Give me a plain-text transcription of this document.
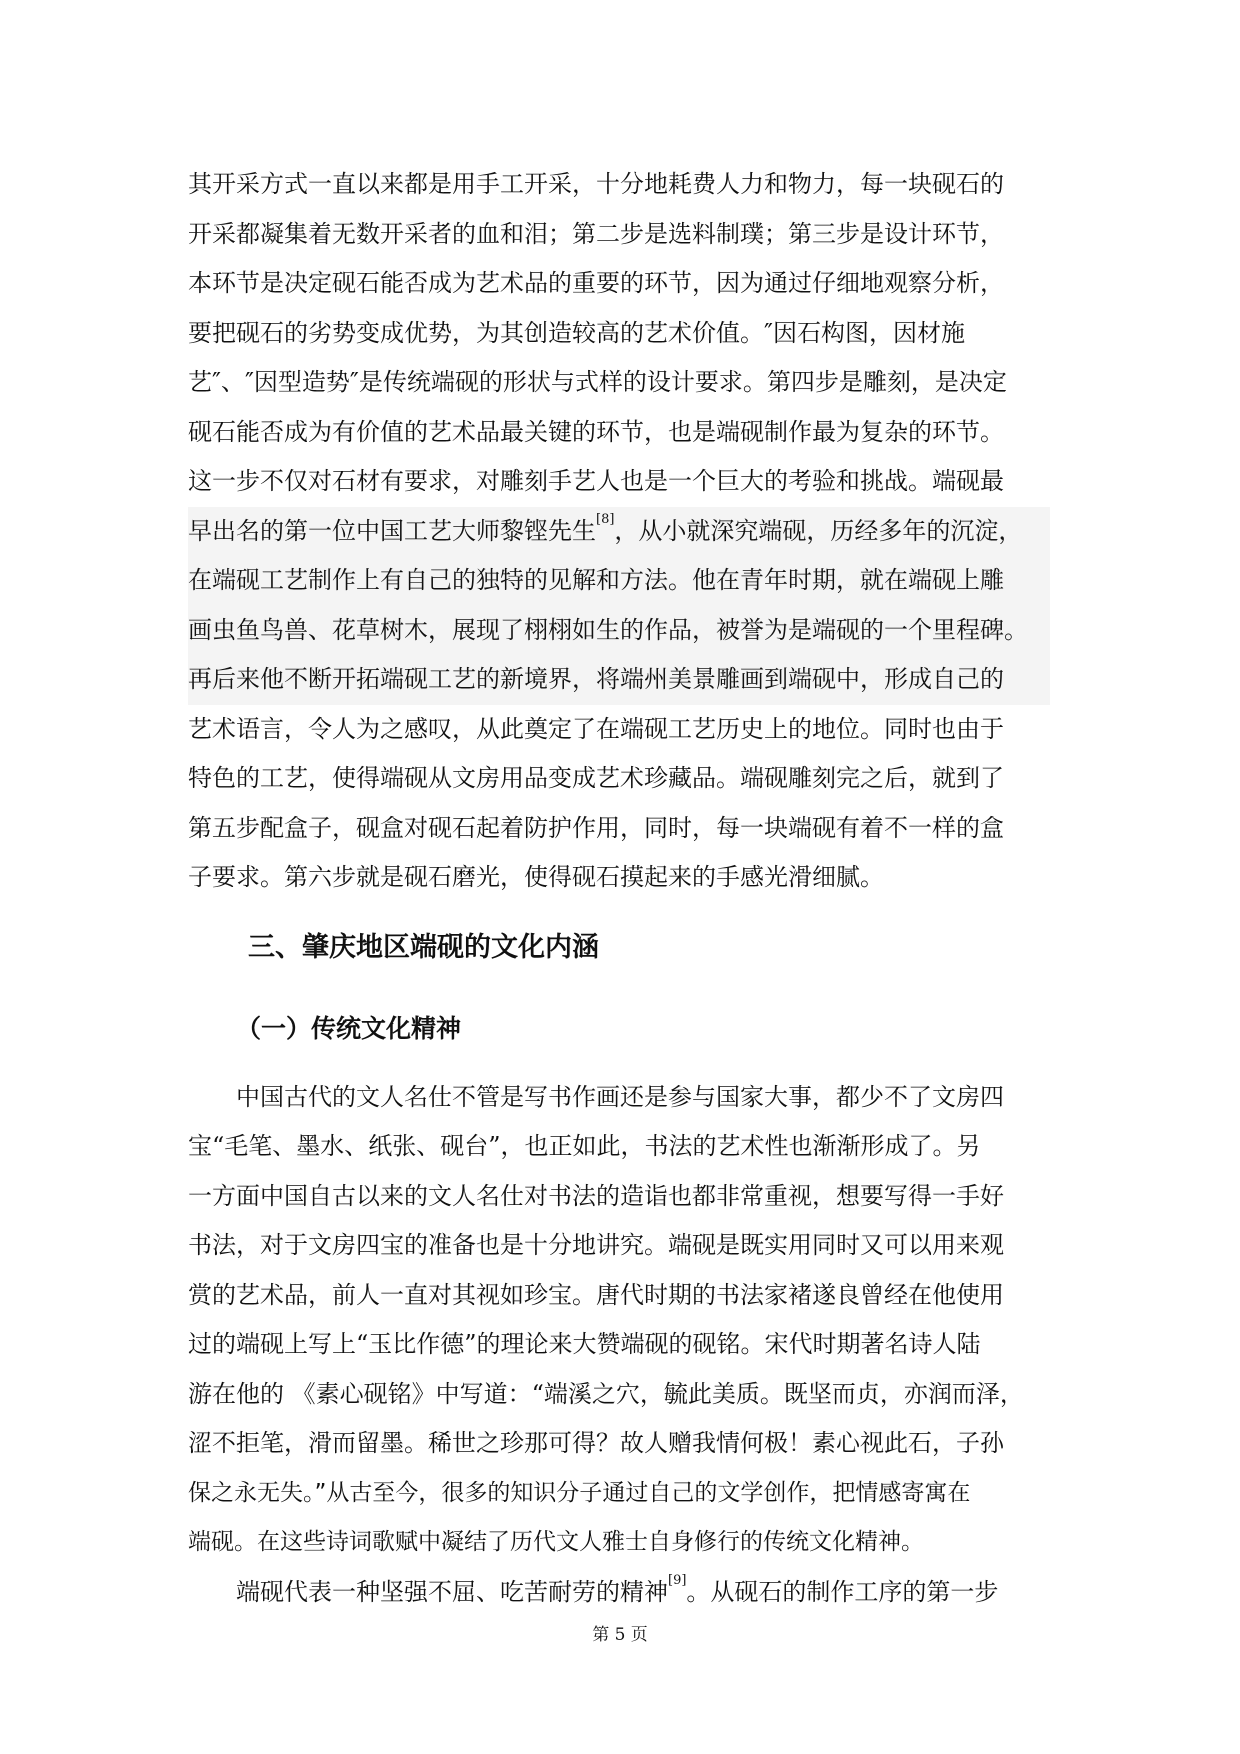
其开采方式一直以来都是用手工开采，十分地耗费人力和物力，每一块砚石的
开采都凝集着无数开采者的血和泪；第二步是选料制璞；第三步是设计环节，
本环节是决定砚石能否成为艺术品的重要的环节，因为通过仔细地观察分析，
要把砚石的劣势变成优势，为其创造较高的艺术价值。″因石构图，因材施
艺″、″因型造势″是传统端砚的形状与式样的设计要求。第四步是雕刻，是决定
砚石能否成为有价值的艺术品最关键的环节，也是端砚制作最为复杂的环节。
这一步不仅对石材有要求，对雕刻手艺人也是一个巨大的考验和挑战。端砚最
早出名的第一位中国工艺大师黎铿先生[8]，从小就深究端砚，历经多年的沉淀，
在端砚工艺制作上有自己的独特的见解和方法。他在青年时期，就在端砚上雕
画虫鱼鸟兽、花草树木，展现了栩栩如生的作品，被誉为是端砚的一个里程碑。
再后来他不断开拓端砚工艺的新境界，将端州美景雕画到端砚中，形成自己的
艺术语言，令人为之感叹，从此奠定了在端砚工艺历史上的地位。同时也由于
特色的工艺，使得端砚从文房用品变成艺术珍藏品。端砚雕刻完之后，就到了
第五步配盒子，砚盒对砚石起着防护作用，同时，每一块端砚有着不一样的盒
子要求。第六步就是砚石磨光，使得砚石摸起来的手感光滑细腻。
三、肇庆地区端砚的文化内涵
（一）传统文化精神
中国古代的文人名仕不管是写书作画还是参与国家大事，都少不了文房四
宝“毛笔、墨水、纸张、砚台”，也正如此，书法的艺术性也渐渐形成了。另
一方面中国自古以来的文人名仕对书法的造诣也都非常重视，想要写得一手好
书法，对于文房四宝的准备也是十分地讲究。端砚是既实用同时又可以用来观
赏的艺术品，前人一直对其视如珍宝。唐代时期的书法家褚遂良曾经在他使用
过的端砚上写上“玉比作德”的理论来大赞端砚的砚铭。宋代时期著名诗人陆
游在他的 《素心砚铭》中写道：“端溪之穴，毓此美质。既坚而贞，亦润而泽，
涩不拒笔，滑而留墨。稀世之珍那可得？故人赠我情何极！素心视此石，子孙
保之永无失。”从古至今，很多的知识分子通过自己的文学创作，把情感寄寓在
端砚。在这些诗词歌赋中凝结了历代文人雅士自身修行的传统文化精神。
端砚代表一种坚强不屈、吃苦耐劳的精神[9]。从砚石的制作工序的第一步
第 5 页
